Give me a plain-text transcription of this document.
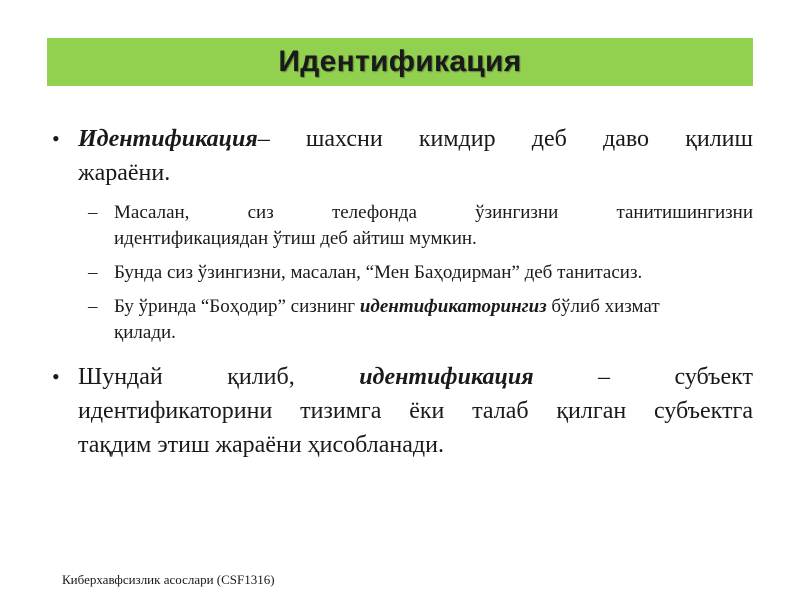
Идентификация
• Идентификация– шахсни кимдир деб даво қилиш
жараёни.
– Масалан, сиз телефонда ўзингизни танитишингизни
идентификациядан ўтиш деб айтиш мумкин.
– Бунда сиз ўзингизни, масалан, “Мен Баҳодирман” деб танитасиз.
– Бу ўринда “Боҳодир” сизнинг идентификаторингиз бўлиб хизмат
қилади.
• Шундай қилиб, идентификация – субъект
идентификаторини тизимга ёки талаб қилган субъектга
тақдим этиш жараёни ҳисобланади.
Киберхавфсизлик асослари (CSF1316)
